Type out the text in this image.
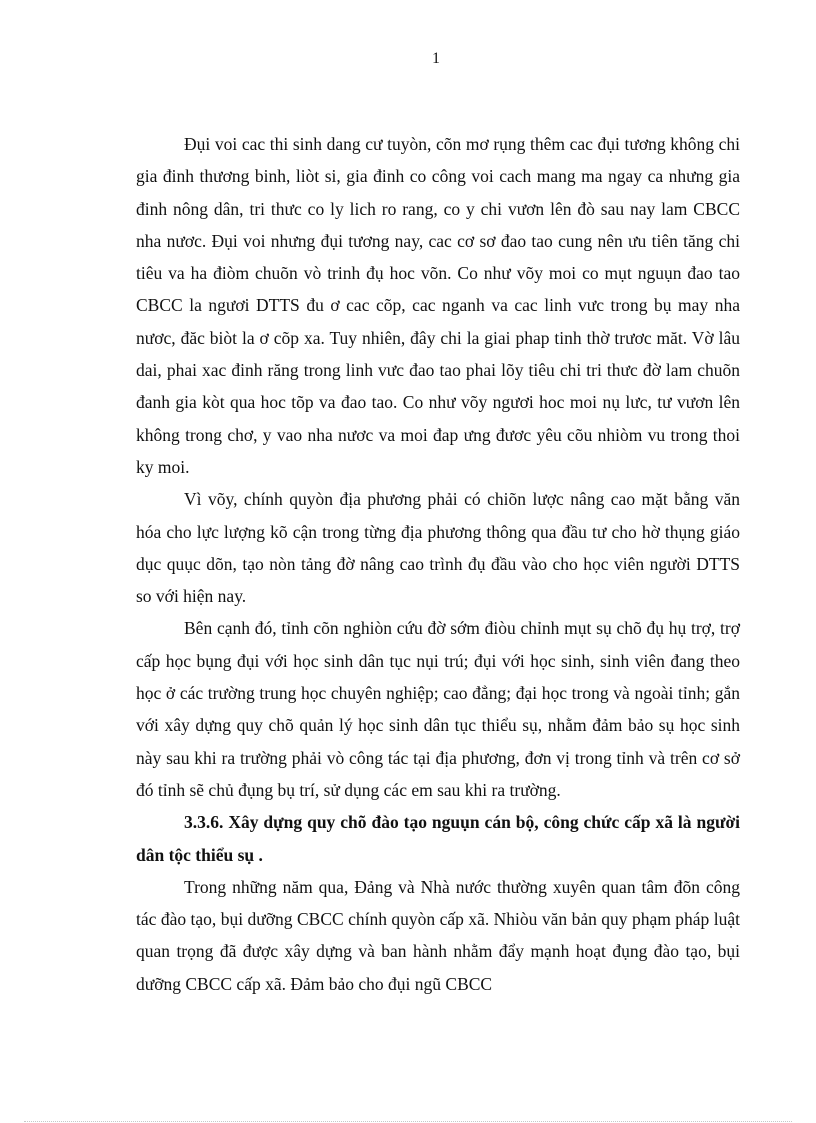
1

Đụi voi cac thi sinh dang cư tuyòn, cõn mơ rụng thêm cac đụi tương không chi gia đinh thương binh, liòt si, gia đinh co công voi cach mang ma ngay ca nhưng gia đinh nông dân, tri thưc co ly lich ro rang, co y chi vươn lên đò sau nay lam CBCC nha nươc. Đụi voi nhưng đụi tương nay, cac cơ sơ đao tao cung nên ưu tiên tăng chi tiêu va ha điòm chuõn vò trinh đụ hoc võn. Co như võy moi co mụt nguụn đao tao CBCC la ngươi DTTS đu ơ cac cõp, cac nganh va cac linh vưc trong bụ may nha nươc, đăc biòt la ơ cõp xa. Tuy nhiên, đây chi la giai phap tinh thờ trươc măt. Vờ lâu dai, phai xac đinh răng trong linh vưc đao tao phai lõy tiêu chi tri thưc đờ lam chuõn đanh gia kòt qua hoc tõp va đao tao. Co như võy ngươi hoc moi nụ lưc, tư vươn lên không trong chơ, y vao nha nươc va moi đap ưng đươc yêu cõu nhiòm vu trong thoi ky moi.

Vì võy, chính quyòn địa phương phải có chiõn lược nâng cao mặt bằng văn hóa cho lực lượng kõ cận trong từng địa phương thông qua đầu tư cho hờ thụng giáo dục quục dõn, tạo nòn tảng đờ nâng cao trình đụ đầu vào cho học viên người DTTS so với hiện nay.

Bên cạnh đó, tỉnh cõn nghiòn cứu đờ sớm điòu chỉnh mụt sụ chõ đụ hụ trợ, trợ cấp học bụng đụi với học sinh dân tục nụi trú; đụi với học sinh, sinh viên đang theo học ở các trường trung học chuyên nghiệp; cao đẳng; đại học trong và ngoài tỉnh; gắn với xây dựng quy chõ quản lý học sinh dân tục thiểu sụ, nhằm đảm bảo sụ học sinh này sau khi ra trường phải vò công tác tại địa phương, đơn vị trong tỉnh và trên cơ sở đó tỉnh sẽ chủ đụng bụ trí, sử dụng các em sau khi ra trường.

3.3.6. Xây dựng quy chõ đào tạo nguụn cán bộ, công chức cấp xã là người dân tộc thiểu sụ .

Trong những năm qua, Đảng và Nhà nước thường xuyên quan tâm đõn công tác đào tạo, bụi dưỡng CBCC chính quyòn cấp xã. Nhiòu văn bản quy phạm pháp luật quan trọng đã được xây dựng và ban hành nhằm đẩy mạnh hoạt đụng đào tạo, bụi dưỡng CBCC cấp xã. Đảm bảo cho đụi ngũ CBCC
